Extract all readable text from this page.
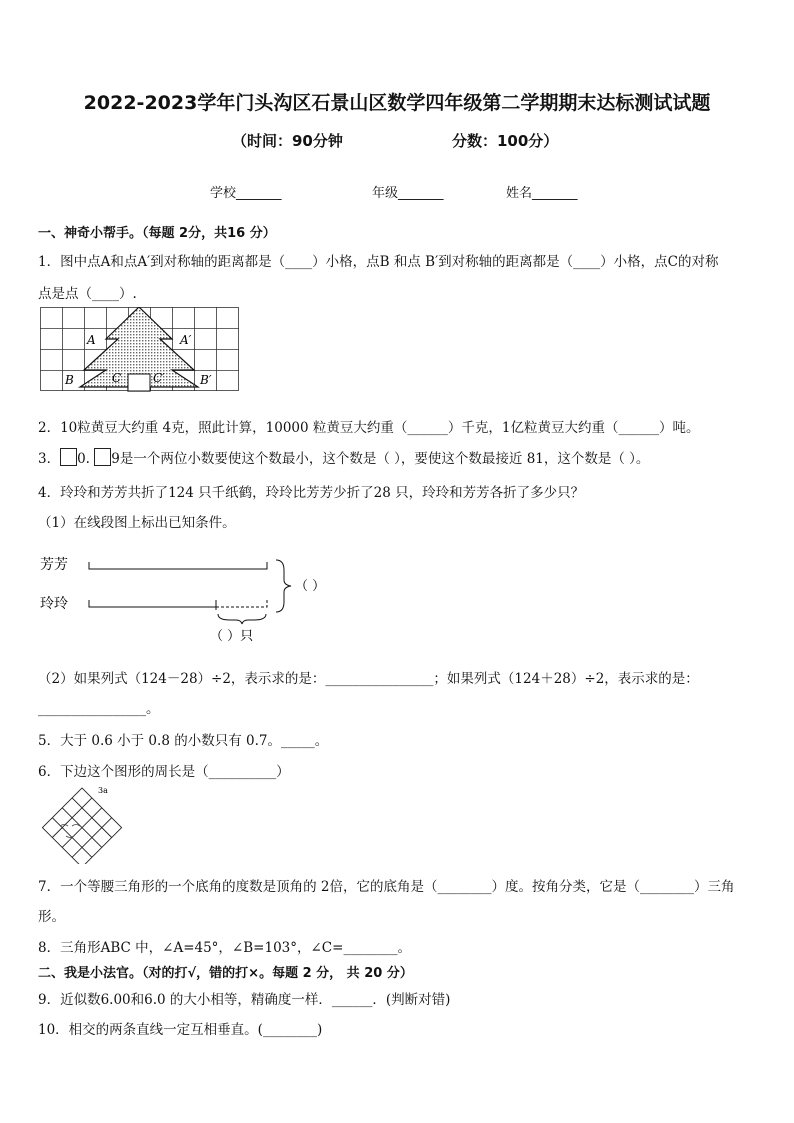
2022-2023学年门头沟区石景山区数学四年级第二学期期末达标测试试题
（时间：90分钟	分数：100分）
学校_______	年级_______	姓名_______
一、神奇小帮手。（每题 2分，共16 分）
1．图中点A和点A′到对称轴的距离都是（____）小格，点B 和点 B′到对称轴的距离都是（____）小格，点C的对称
点是点（____）.
A	A′
B	B′
C	C′
2．10粒黄豆大约重 4克，照此计算，10000 粒黄豆大约重（______）千克，1亿粒黄豆大约重（______）吨。
3． 0. 9是一个两位小数要使这个数最小，这个数是（ ），要使这个数最接近 81，这个数是（ ）。
4．玲玲和芳芳共折了124 只千纸鹤，玲玲比芳芳少折了28 只，玲玲和芳芳各折了多少只？
（1）在线段图上标出已知条件。
芳芳
玲玲
（ ）
（ ）只
（2）如果列式（124－28）÷2，表示求的是：________________；如果列式（124＋28）÷2，表示求的是：
________________。
5．大于 0.6 小于 0.8 的小数只有 0.7。_____。
6．下边这个图形的周长是（__________）
3a
7．一个等腰三角形的一个底角的度数是顶角的 2倍，它的底角是（________）度。按角分类，它是（________）三角
形。
8．三角形ABC 中，∠A=45°，∠B=103°，∠C=________。
二、我是小法官。（对的打√，错的打×。每题 2 分， 共 20 分）
9．近似数6.00和6.0 的大小相等，精确度一样．______．(判断对错)
10．相交的两条直线一定互相垂直。(________)
